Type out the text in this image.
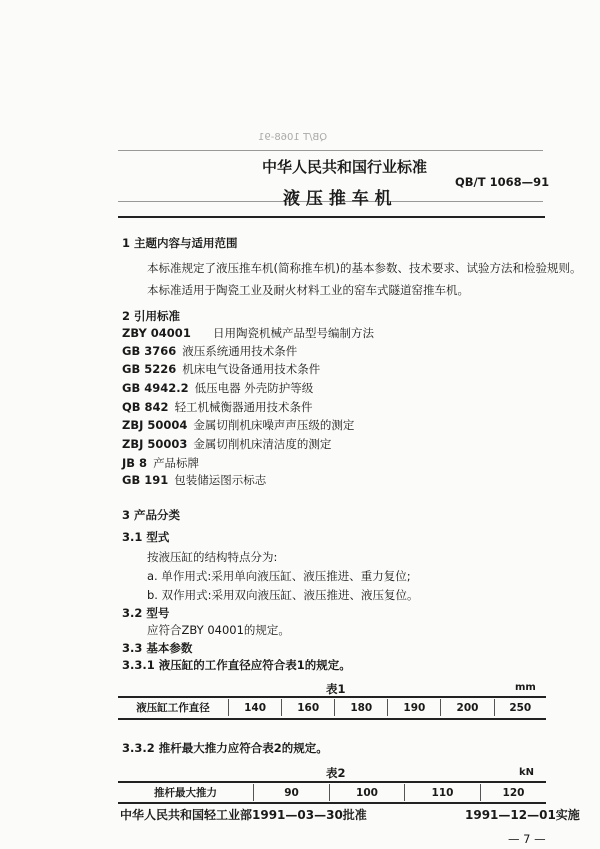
QB/T 1068-91
中华人民共和国行业标准
QB/T 1068—91
液 压 推 车 机
1 主题内容与适用范围
本标准规定了液压推车机(简称推车机)的基本参数、技术要求、试验方法和检验规则。
本标准适用于陶瓷工业及耐火材料工业的窑车式隧道窑推车机。
2 引用标准
ZBY 04001 日用陶瓷机械产品型号编制方法
GB 3766 液压系统通用技术条件
GB 5226 机床电气设备通用技术条件
GB 4942.2 低压电器 外壳防护等级
QB 842 轻工机械衡器通用技术条件
ZBJ 50004 金属切削机床噪声声压级的测定
ZBJ 50003 金属切削机床清洁度的测定
JB 8 产品标牌
GB 191 包装储运图示标志
3 产品分类
3.1 型式
按液压缸的结构特点分为:
a. 单作用式:采用单向液压缸、液压推进、重力复位;
b. 双作用式:采用双向液压缸、液压推进、液压复位。
3.2 型号
应符合ZBY 04001的规定。
3.3 基本参数
3.3.1 液压缸的工作直径应符合表1的规定。
表1	mm
液压缸工作直径	140	160	180	190	200	250
3.3.2 推杆最大推力应符合表2的规定。
表2	kN
推杆最大推力	90	100	110	120
中华人民共和国轻工业部1991—03—30批准	1991—12—01实施
— 7 —
